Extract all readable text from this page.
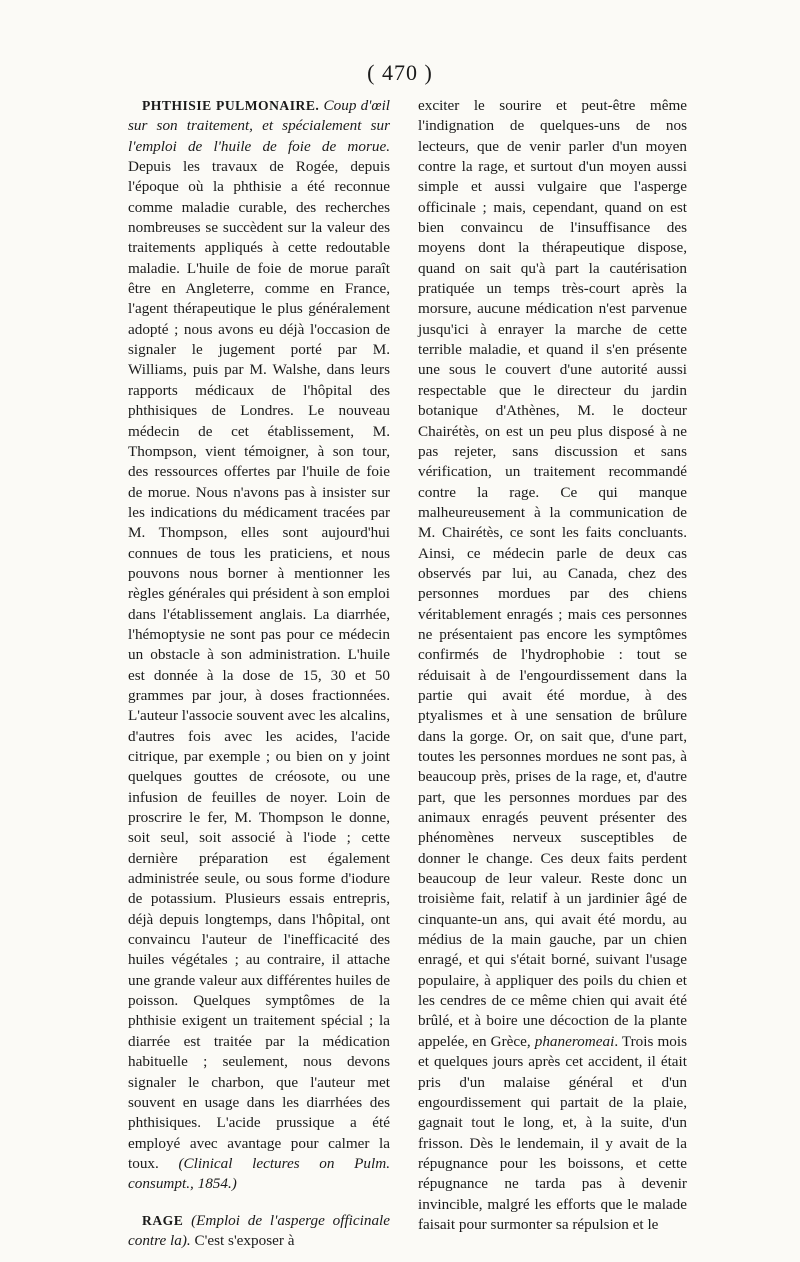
( 470 )

PHTHISIE PULMONAIRE. Coup d'œil sur son traitement, et spécialement sur l'emploi de l'huile de foie de morue. Depuis les travaux de Rogée, depuis l'époque où la phthisie a été reconnue comme maladie curable, des recherches nombreuses se succèdent sur la valeur des traitements appliqués à cette redoutable maladie. L'huile de foie de morue paraît être en Angleterre, comme en France, l'agent thérapeutique le plus généralement adopté ; nous avons eu déjà l'occasion de signaler le jugement porté par M. Williams, puis par M. Walshe, dans leurs rapports médicaux de l'hôpital des phthisiques de Londres. Le nouveau médecin de cet établissement, M. Thompson, vient témoigner, à son tour, des ressources offertes par l'huile de foie de morue. Nous n'avons pas à insister sur les indications du médicament tracées par M. Thompson, elles sont aujourd'hui connues de tous les praticiens, et nous pouvons nous borner à mentionner les règles générales qui président à son emploi dans l'établissement anglais. La diarrhée, l'hémoptysie ne sont pas pour ce médecin un obstacle à son administration. L'huile est donnée à la dose de 15, 30 et 50 grammes par jour, à doses fractionnées. L'auteur l'associe souvent avec les alcalins, d'autres fois avec les acides, l'acide citrique, par exemple ; ou bien on y joint quelques gouttes de créosote, ou une infusion de feuilles de noyer. Loin de proscrire le fer, M. Thompson le donne, soit seul, soit associé à l'iode ; cette dernière préparation est également administrée seule, ou sous forme d'iodure de potassium. Plusieurs essais entrepris, déjà depuis longtemps, dans l'hôpital, ont convaincu l'auteur de l'inefficacité des huiles végétales ; au contraire, il attache une grande valeur aux différentes huiles de poisson. Quelques symptômes de la phthisie exigent un traitement spécial ; la diarrée est traitée par la médication habituelle ; seulement, nous devons signaler le charbon, que l'auteur met souvent en usage dans les diarrhées des phthisiques. L'acide prussique a été employé avec avantage pour calmer la toux. (Clinical lectures on Pulm. consumpt., 1854.)

RAGE (Emploi de l'asperge officinale contre la). C'est s'exposer à

exciter le sourire et peut-être même l'indignation de quelques-uns de nos lecteurs, que de venir parler d'un moyen contre la rage, et surtout d'un moyen aussi simple et aussi vulgaire que l'asperge officinale ; mais, cependant, quand on est bien convaincu de l'insuffisance des moyens dont la thérapeutique dispose, quand on sait qu'à part la cautérisation pratiquée un temps très-court après la morsure, aucune médication n'est parvenue jusqu'ici à enrayer la marche de cette terrible maladie, et quand il s'en présente une sous le couvert d'une autorité aussi respectable que le directeur du jardin botanique d'Athènes, M. le docteur Chairétès, on est un peu plus disposé à ne pas rejeter, sans discussion et sans vérification, un traitement recommandé contre la rage. Ce qui manque malheureusement à la communication de M. Chairétès, ce sont les faits concluants. Ainsi, ce médecin parle de deux cas observés par lui, au Canada, chez des personnes mordues par des chiens véritablement enragés ; mais ces personnes ne présentaient pas encore les symptômes confirmés de l'hydrophobie : tout se réduisait à de l'engourdissement dans la partie qui avait été mordue, à des ptyalismes et à une sensation de brûlure dans la gorge. Or, on sait que, d'une part, toutes les personnes mordues ne sont pas, à beaucoup près, prises de la rage, et, d'autre part, que les personnes mordues par des animaux enragés peuvent présenter des phénomènes nerveux susceptibles de donner le change. Ces deux faits perdent beaucoup de leur valeur. Reste donc un troisième fait, relatif à un jardinier âgé de cinquante-un ans, qui avait été mordu, au médius de la main gauche, par un chien enragé, et qui s'était borné, suivant l'usage populaire, à appliquer des poils du chien et les cendres de ce même chien qui avait été brûlé, et à boire une décoction de la plante appelée, en Grèce, phaneromeai. Trois mois et quelques jours après cet accident, il était pris d'un malaise général et d'un engourdissement qui partait de la plaie, gagnait tout le long, et, à la suite, d'un frisson. Dès le lendemain, il y avait de la répugnance pour les boissons, et cette répugnance ne tarda pas à devenir invincible, malgré les efforts que le malade faisait pour surmonter sa répulsion et le
